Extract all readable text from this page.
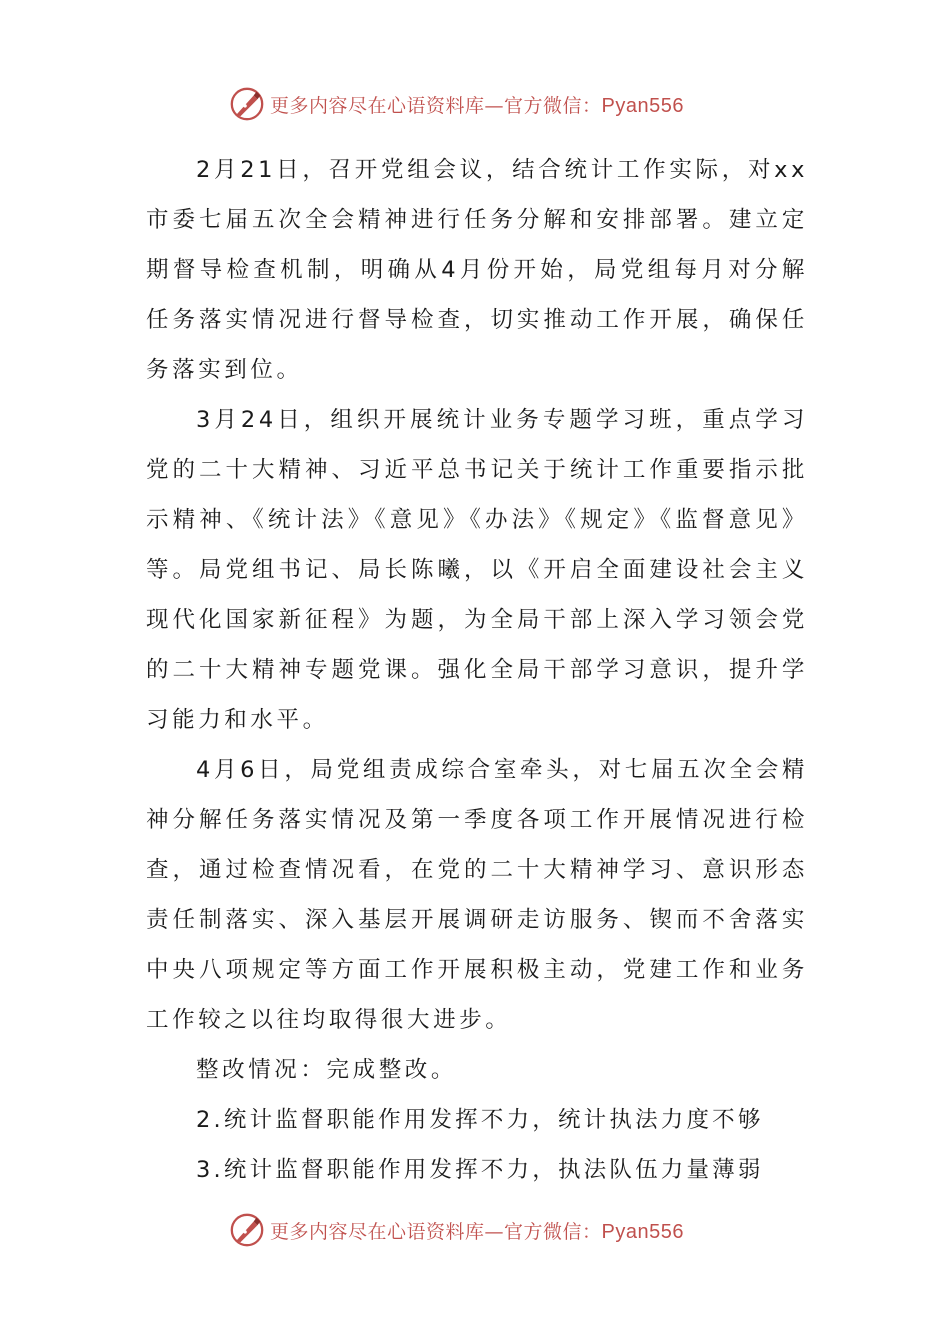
更多内容尽在心语资料库—官方微信：Pyan556

2月21日，召开党组会议，结合统计工作实际，对xx市委七届五次全会精神进行任务分解和安排部署。建立定期督导检查机制，明确从4月份开始，局党组每月对分解任务落实情况进行督导检查，切实推动工作开展，确保任务落实到位。

3月24日，组织开展统计业务专题学习班，重点学习党的二十大精神、习近平总书记关于统计工作重要指示批示精神、《统计法》《意见》《办法》《规定》《监督意见》等。局党组书记、局长陈曦，以《开启全面建设社会主义现代化国家新征程》为题，为全局干部上深入学习领会党的二十大精神专题党课。强化全局干部学习意识，提升学习能力和水平。

4月6日，局党组责成综合室牵头，对七届五次全会精神分解任务落实情况及第一季度各项工作开展情况进行检查，通过检查情况看，在党的二十大精神学习、意识形态责任制落实、深入基层开展调研走访服务、锲而不舍落实中央八项规定等方面工作开展积极主动，党建工作和业务工作较之以往均取得很大进步。

整改情况：完成整改。

2.统计监督职能作用发挥不力，统计执法力度不够

3.统计监督职能作用发挥不力，执法队伍力量薄弱

更多内容尽在心语资料库—官方微信：Pyan556
